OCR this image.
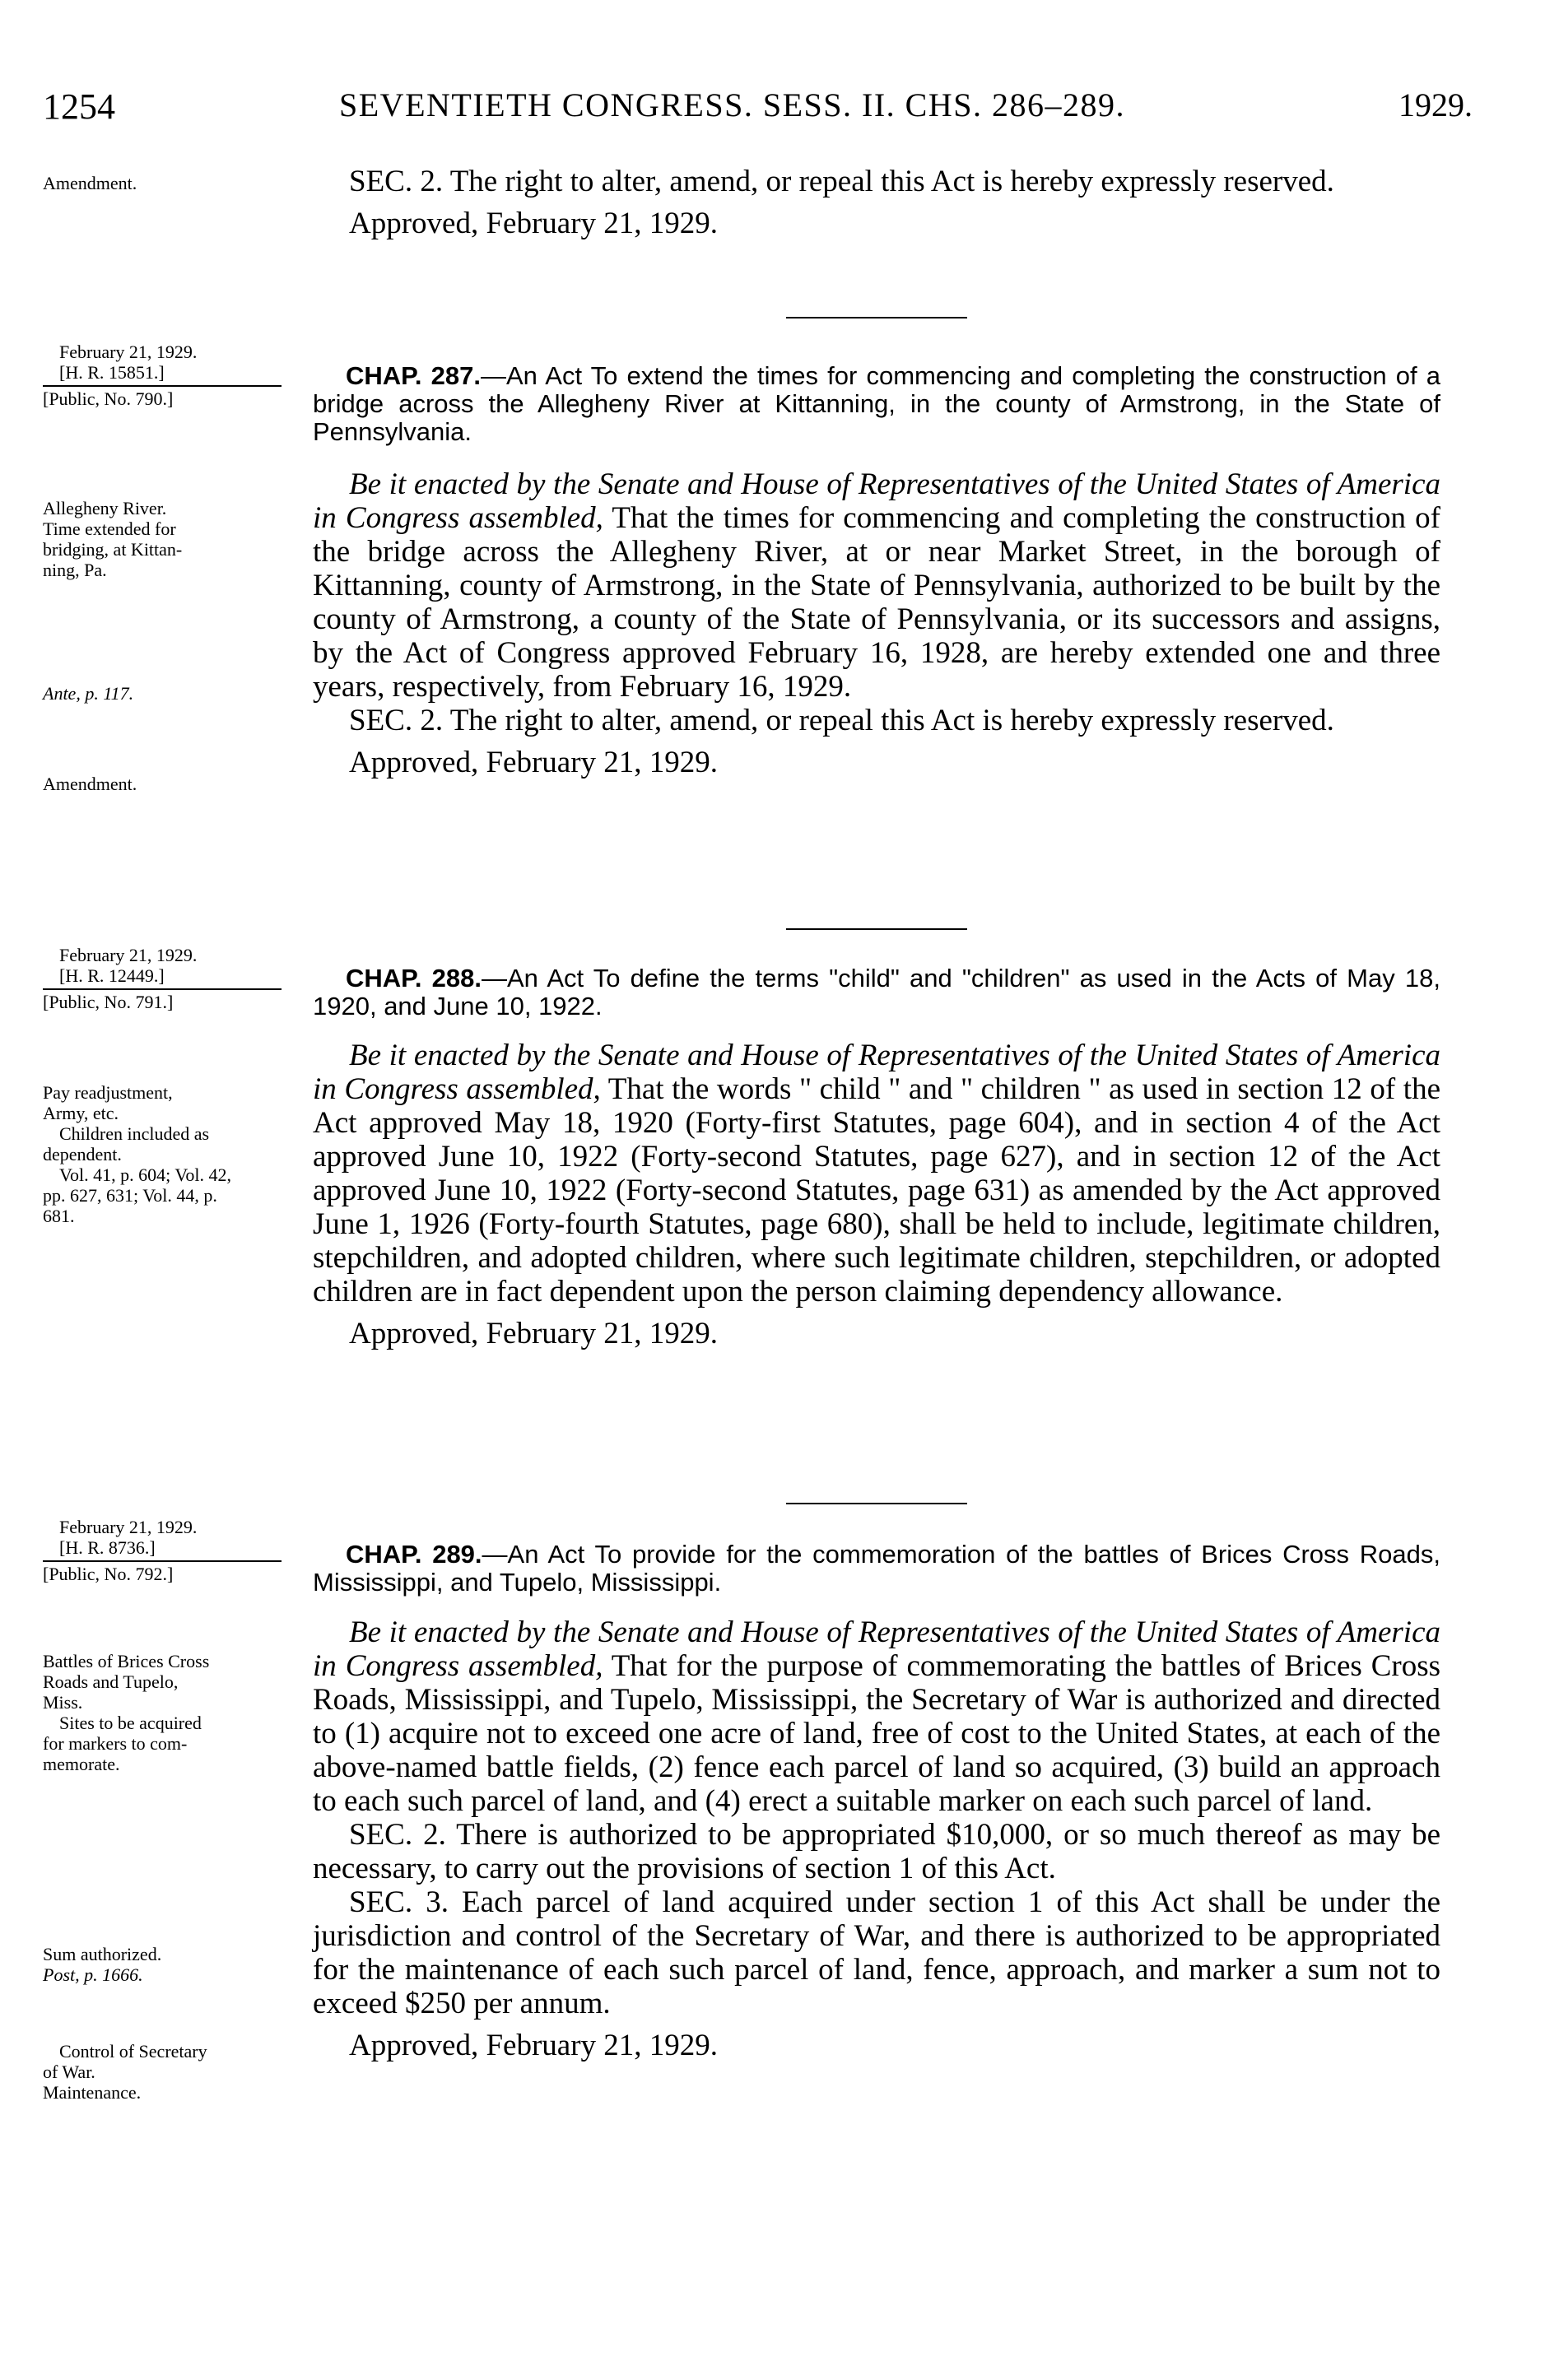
1254	SEVENTIETH CONGRESS. SESS. II. CHS. 286–289.	1929.
Amendment.	SEC. 2. The right to alter, amend, or repeal this Act is hereby expressly reserved.

Approved, February 21, 1929.

February 21, 1929.
[H. R. 15851.]
[Public, No. 790.]
CHAP. 287.—An Act To extend the times for commencing and completing the construction of a bridge across the Allegheny River at Kittanning, in the county of Armstrong, in the State of Pennsylvania.
Allegheny River.
Time extended for
bridging, at Kittan-
ning, Pa.
Ante, p. 117.
Amendment.

Be it enacted by the Senate and House of Representatives of the United States of America in Congress assembled, That the times for commencing and completing the construction of the bridge across the Allegheny River, at or near Market Street, in the borough of Kittanning, county of Armstrong, in the State of Pennsylvania, authorized to be built by the county of Armstrong, a county of the State of Pennsylvania, or its successors and assigns, by the Act of Congress approved February 16, 1928, are hereby extended one and three years, respectively, from February 16, 1929.

SEC. 2. The right to alter, amend, or repeal this Act is hereby expressly reserved.

Approved, February 21, 1929.

February 21, 1929.
[H. R. 12449.]
[Public, No. 791.]
CHAP. 288.—An Act To define the terms "child" and "children" as used in the Acts of May 18, 1920, and June 10, 1922.
Pay readjustment,
Army, etc.
Children included as
dependent.
Vol. 41, p. 604; Vol. 42,
pp. 627, 631; Vol. 44, p.
681.

Be it enacted by the Senate and House of Representatives of the United States of America in Congress assembled, That the words " child " and " children " as used in section 12 of the Act approved May 18, 1920 (Forty-first Statutes, page 604), and in section 4 of the Act approved June 10, 1922 (Forty-second Statutes, page 627), and in section 12 of the Act approved June 10, 1922 (Forty-second Statutes, page 631) as amended by the Act approved June 1, 1926 (Forty-fourth Statutes, page 680), shall be held to include, legitimate children, stepchildren, and adopted children, where such legitimate children, stepchildren, or adopted children are in fact dependent upon the person claiming dependency allowance.

Approved, February 21, 1929.

February 21, 1929.
[H. R. 8736.]
[Public, No. 792.]
CHAP. 289.—An Act To provide for the commemoration of the battles of Brices Cross Roads, Mississippi, and Tupelo, Mississippi.
Battles of Brices Cross
Roads and Tupelo,
Miss.
Sites to be acquired
for markers to com-
memorate.
Sum authorized.
Post, p. 1666.
Control of Secretary
of War.
Maintenance.

Be it enacted by the Senate and House of Representatives of the United States of America in Congress assembled, That for the purpose of commemorating the battles of Brices Cross Roads, Mississippi, and Tupelo, Mississippi, the Secretary of War is authorized and directed to (1) acquire not to exceed one acre of land, free of cost to the United States, at each of the above-named battle fields, (2) fence each parcel of land so acquired, (3) build an approach to each such parcel of land, and (4) erect a suitable marker on each such parcel of land.

SEC. 2. There is authorized to be appropriated $10,000, or so much thereof as may be necessary, to carry out the provisions of section 1 of this Act.

SEC. 3. Each parcel of land acquired under section 1 of this Act shall be under the jurisdiction and control of the Secretary of War, and there is authorized to be appropriated for the maintenance of each such parcel of land, fence, approach, and marker a sum not to exceed $250 per annum.

Approved, February 21, 1929.
